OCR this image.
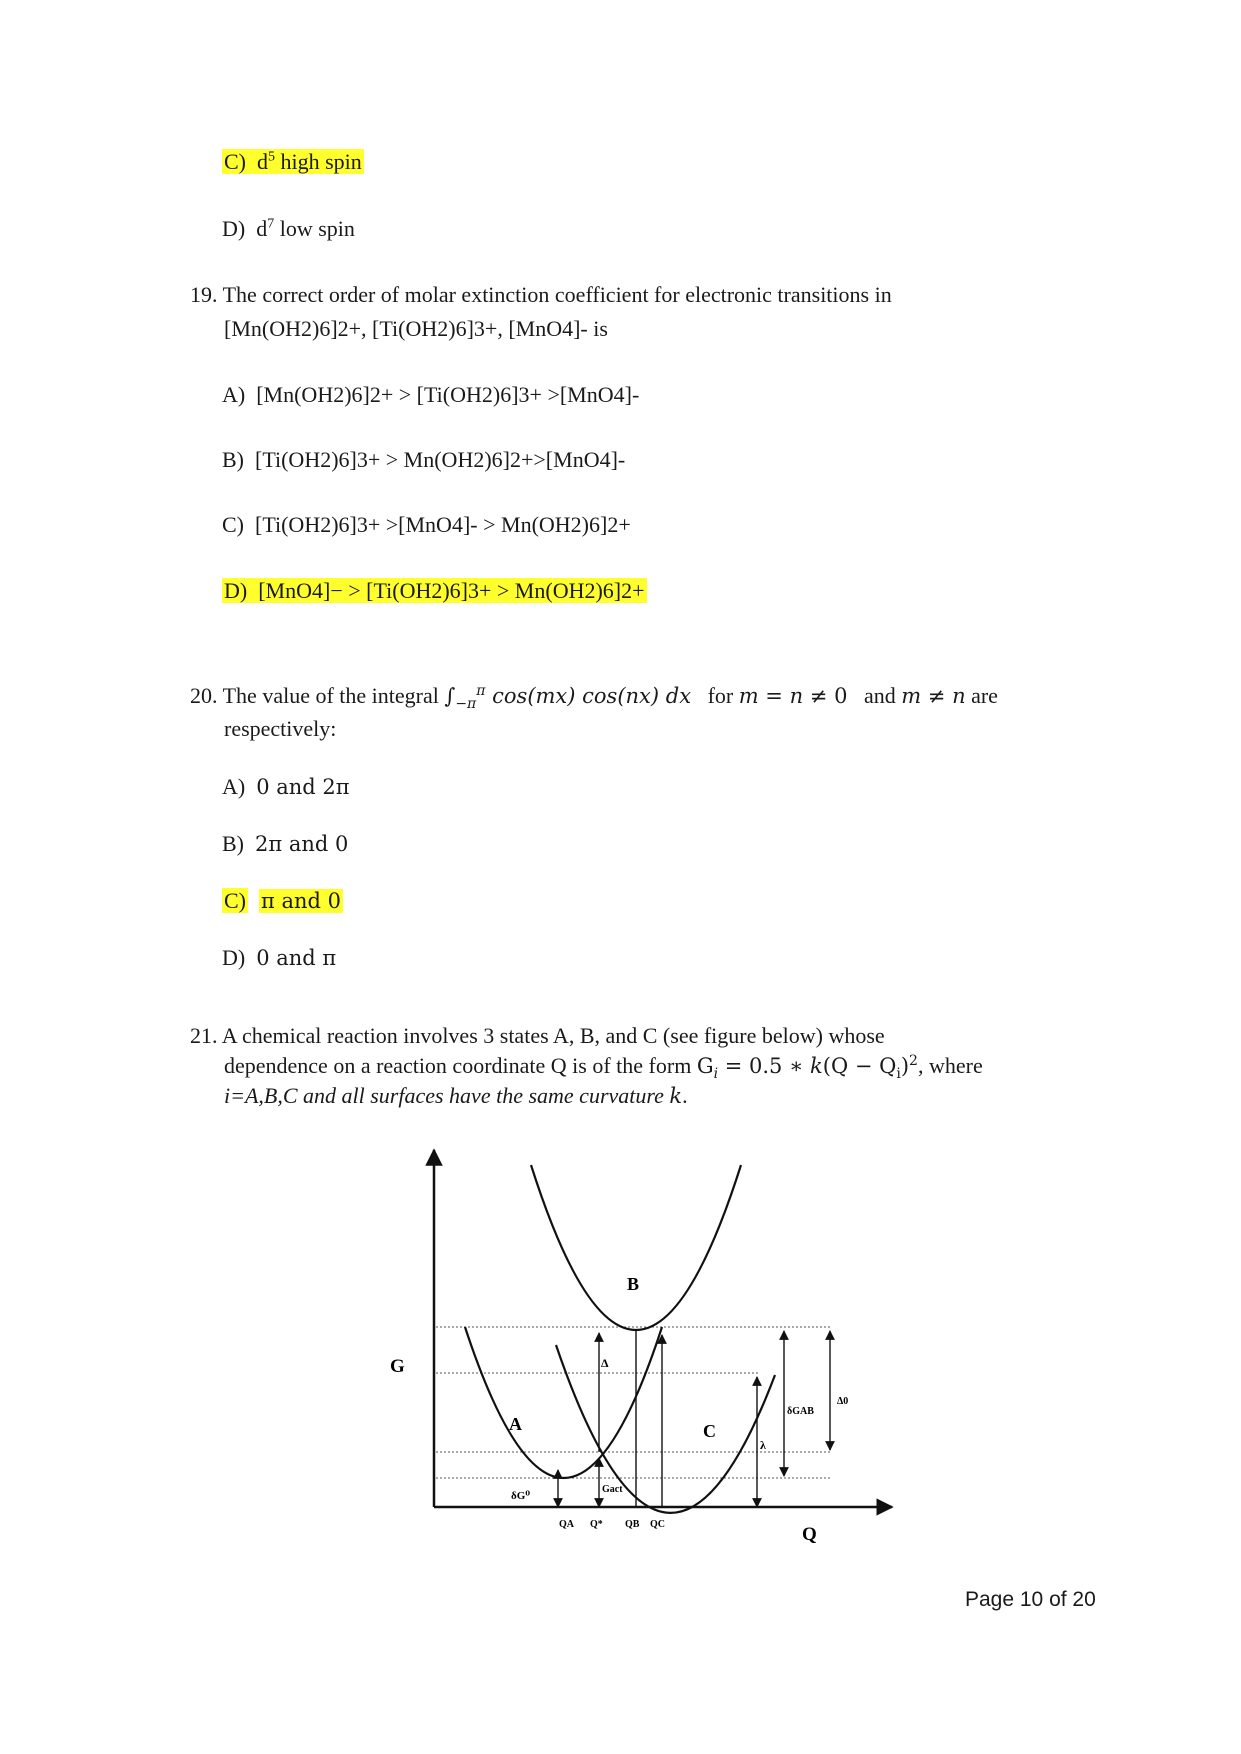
C) $d^5$ high spin
D) $d^7$ low spin
19. The correct order of molar extinction coefficient for electronic transitions in
[Mn(OH2)6]2+, [Ti(OH2)6]3+, [MnO4]- is
A) [Mn(OH2)6]2+ > [Ti(OH2)6]3+ >[MnO4]-
B) [Ti(OH2)6]3+ > Mn(OH2)6]2+>[MnO4]-
C) [Ti(OH2)6]3+ >[MnO4]- > Mn(OH2)6]2+
D) [MnO4]− > [Ti(OH2)6]3+ > Mn(OH2)6]2+
20. The value of the integral $\int_{-\pi}^\pi$ cos(mx) cos(nx) dx for m = n ≠ 0 and m ≠ n are
respectively:
A) 0 and 2π
B) 2π and 0
C) π and 0
D) 0 and π
21. A chemical reaction involves 3 states A, B, and C (see figure below) whose
dependence on a reaction coordinate Q is of the form $G_i = 0.5$ ∗ $k(Q - Q_i)^2$, where
i=A,B,C and all surfaces have the same curvature k.
G
Q
B
A	C
Δ
δG⁰
Gact
λ
δGAB
Δ0
QA Q* QB QC
Page 10 of 20
